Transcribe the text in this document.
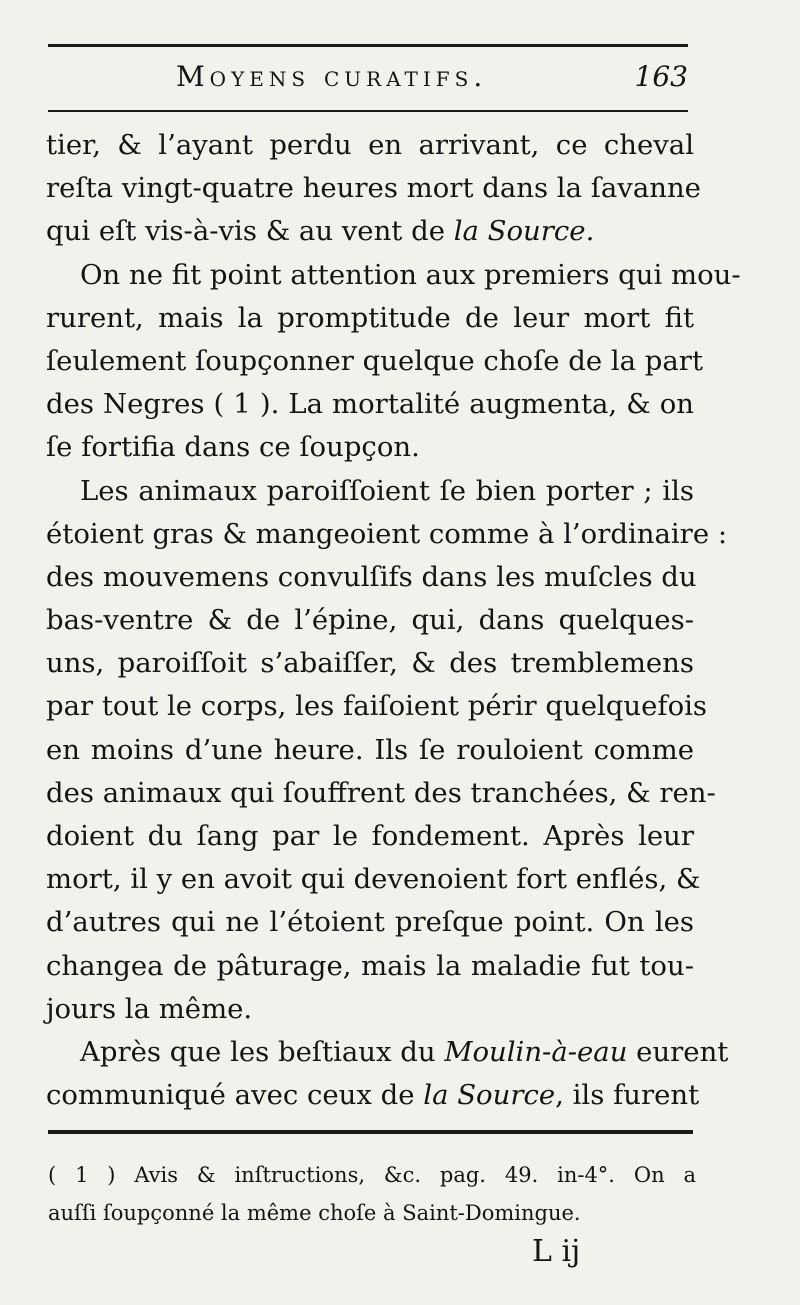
Moyens curatifs.	163
tier, & l’ayant perdu en arrivant, ce cheval
reſta vingt-quatre heures mort dans la ſavanne
qui eſt vis-à-vis & au vent de la Source.
On ne fit point attention aux premiers qui mou-
rurent, mais la promptitude de leur mort fit
ſeulement ſoupçonner quelque choſe de la part
des Negres ( 1 ). La mortalité augmenta, & on
ſe fortifia dans ce ſoupçon.
Les animaux paroiſſoient ſe bien porter ; ils
étoient gras & mangeoient comme à l’ordinaire :
des mouvemens convulſifs dans les muſcles du
bas-ventre & de l’épine, qui, dans quelques-
uns, paroiſſoit s’abaiſſer, & des tremblemens
par tout le corps, les faiſoient périr quelquefois
en moins d’une heure. Ils ſe rouloient comme
des animaux qui ſouffrent des tranchées, & ren-
doient du ſang par le fondement. Après leur
mort, il y en avoit qui devenoient fort enflés, &
d’autres qui ne l’étoient preſque point. On les
changea de pâturage, mais la maladie fut tou-
jours la même.
Après que les beſtiaux du Moulin-à-eau eurent
communiqué avec ceux de la Source, ils furent
( 1 ) Avis & inſtructions, &c. pag. 49. in-4°. On a
auſſi ſoupçonné la même choſe à Saint-Domingue.
L ij
